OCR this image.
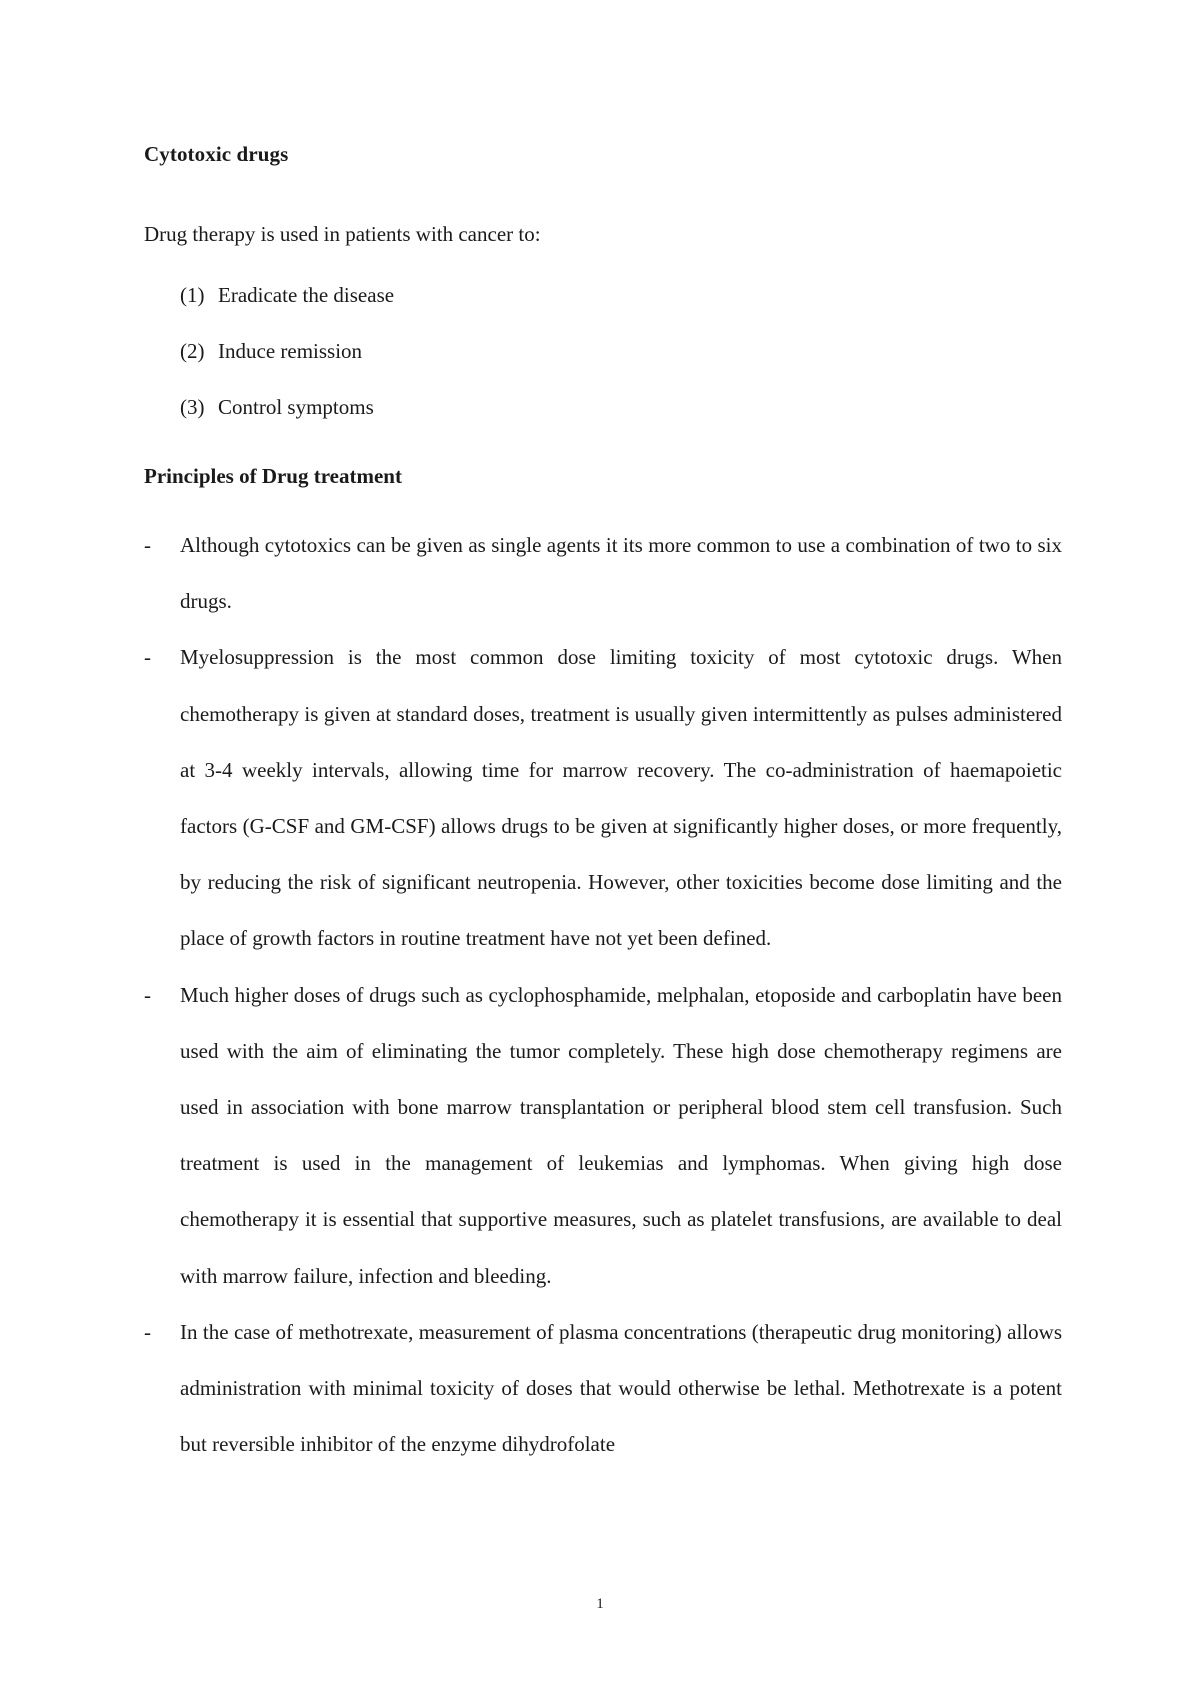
Cytotoxic drugs
Drug therapy is used in patients with cancer to:
(1) Eradicate the disease
(2) Induce remission
(3) Control symptoms
Principles of Drug treatment
- Although cytotoxics can be given as single agents it its more common to use a combination of two to six drugs.
- Myelosuppression is the most common dose limiting toxicity of most cytotoxic drugs. When chemotherapy is given at standard doses, treatment is usually given intermittently as pulses administered at 3-4 weekly intervals, allowing time for marrow recovery. The co-administration of haemapoietic factors (G-CSF and GM-CSF) allows drugs to be given at significantly higher doses, or more frequently, by reducing the risk of significant neutropenia. However, other toxicities become dose limiting and the place of growth factors in routine treatment have not yet been defined.
- Much higher doses of drugs such as cyclophosphamide, melphalan, etoposide and carboplatin have been used with the aim of eliminating the tumor completely. These high dose chemotherapy regimens are used in association with bone marrow transplantation or peripheral blood stem cell transfusion. Such treatment is used in the management of leukemias and lymphomas. When giving high dose chemotherapy it is essential that supportive measures, such as platelet transfusions, are available to deal with marrow failure, infection and bleeding.
- In the case of methotrexate, measurement of plasma concentrations (therapeutic drug monitoring) allows administration with minimal toxicity of doses that would otherwise be lethal. Methotrexate is a potent but reversible inhibitor of the enzyme dihydrofolate
1
